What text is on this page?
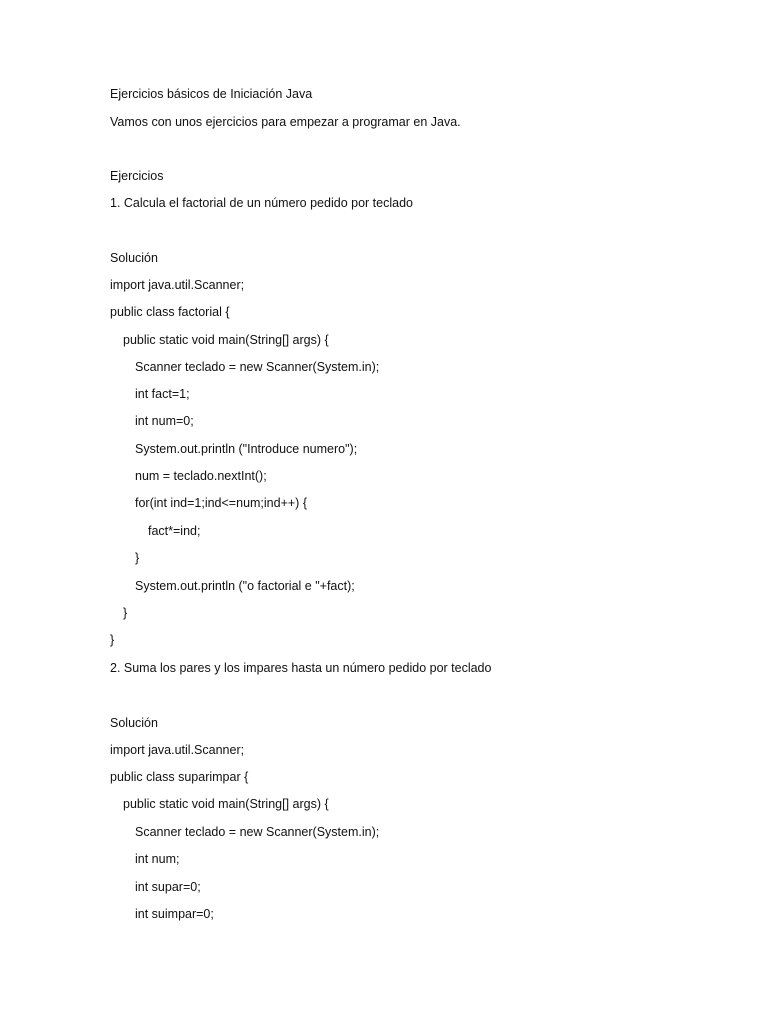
Ejercicios básicos de Iniciación Java
Vamos con unos ejercicios para empezar a programar en Java.
Ejercicios
1. Calcula el factorial de un número pedido por teclado
Solución
import java.util.Scanner;
public class factorial {
public static void main(String[] args) {
Scanner teclado = new Scanner(System.in);
int fact=1;
int num=0;
System.out.println ("Introduce numero");
num = teclado.nextInt();
for(int ind=1;ind<=num;ind++) {
fact*=ind;
}
System.out.println ("o factorial e "+fact);
}
}
2. Suma los pares y los impares hasta un número pedido por teclado
Solución
import java.util.Scanner;
public class suparimpar {
public static void main(String[] args) {
Scanner teclado = new Scanner(System.in);
int num;
int supar=0;
int suimpar=0;
